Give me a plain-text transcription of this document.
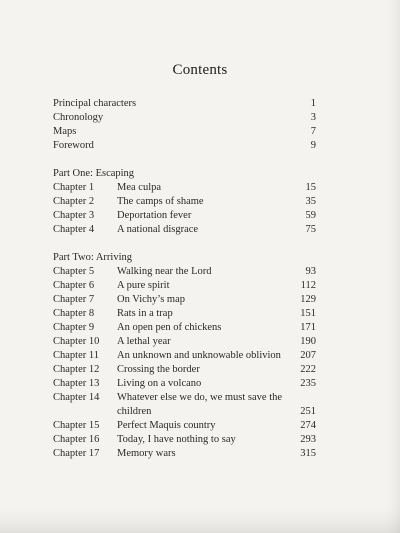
Contents
Principal characters	1
Chronology	3
Maps	7
Foreword	9
Part One: Escaping
Chapter 1	Mea culpa	15
Chapter 2	The camps of shame	35
Chapter 3	Deportation fever	59
Chapter 4	A national disgrace	75
Part Two: Arriving
Chapter 5	Walking near the Lord	93
Chapter 6	A pure spirit	112
Chapter 7	On Vichy’s map	129
Chapter 8	Rats in a trap	151
Chapter 9	An open pen of chickens	171
Chapter 10	A lethal year	190
Chapter 11	An unknown and unknowable oblivion	207
Chapter 12	Crossing the border	222
Chapter 13	Living on a volcano	235
Chapter 14	Whatever else we do, we must save the children	251
Chapter 15	Perfect Maquis country	274
Chapter 16	Today, I have nothing to say	293
Chapter 17	Memory wars	315
